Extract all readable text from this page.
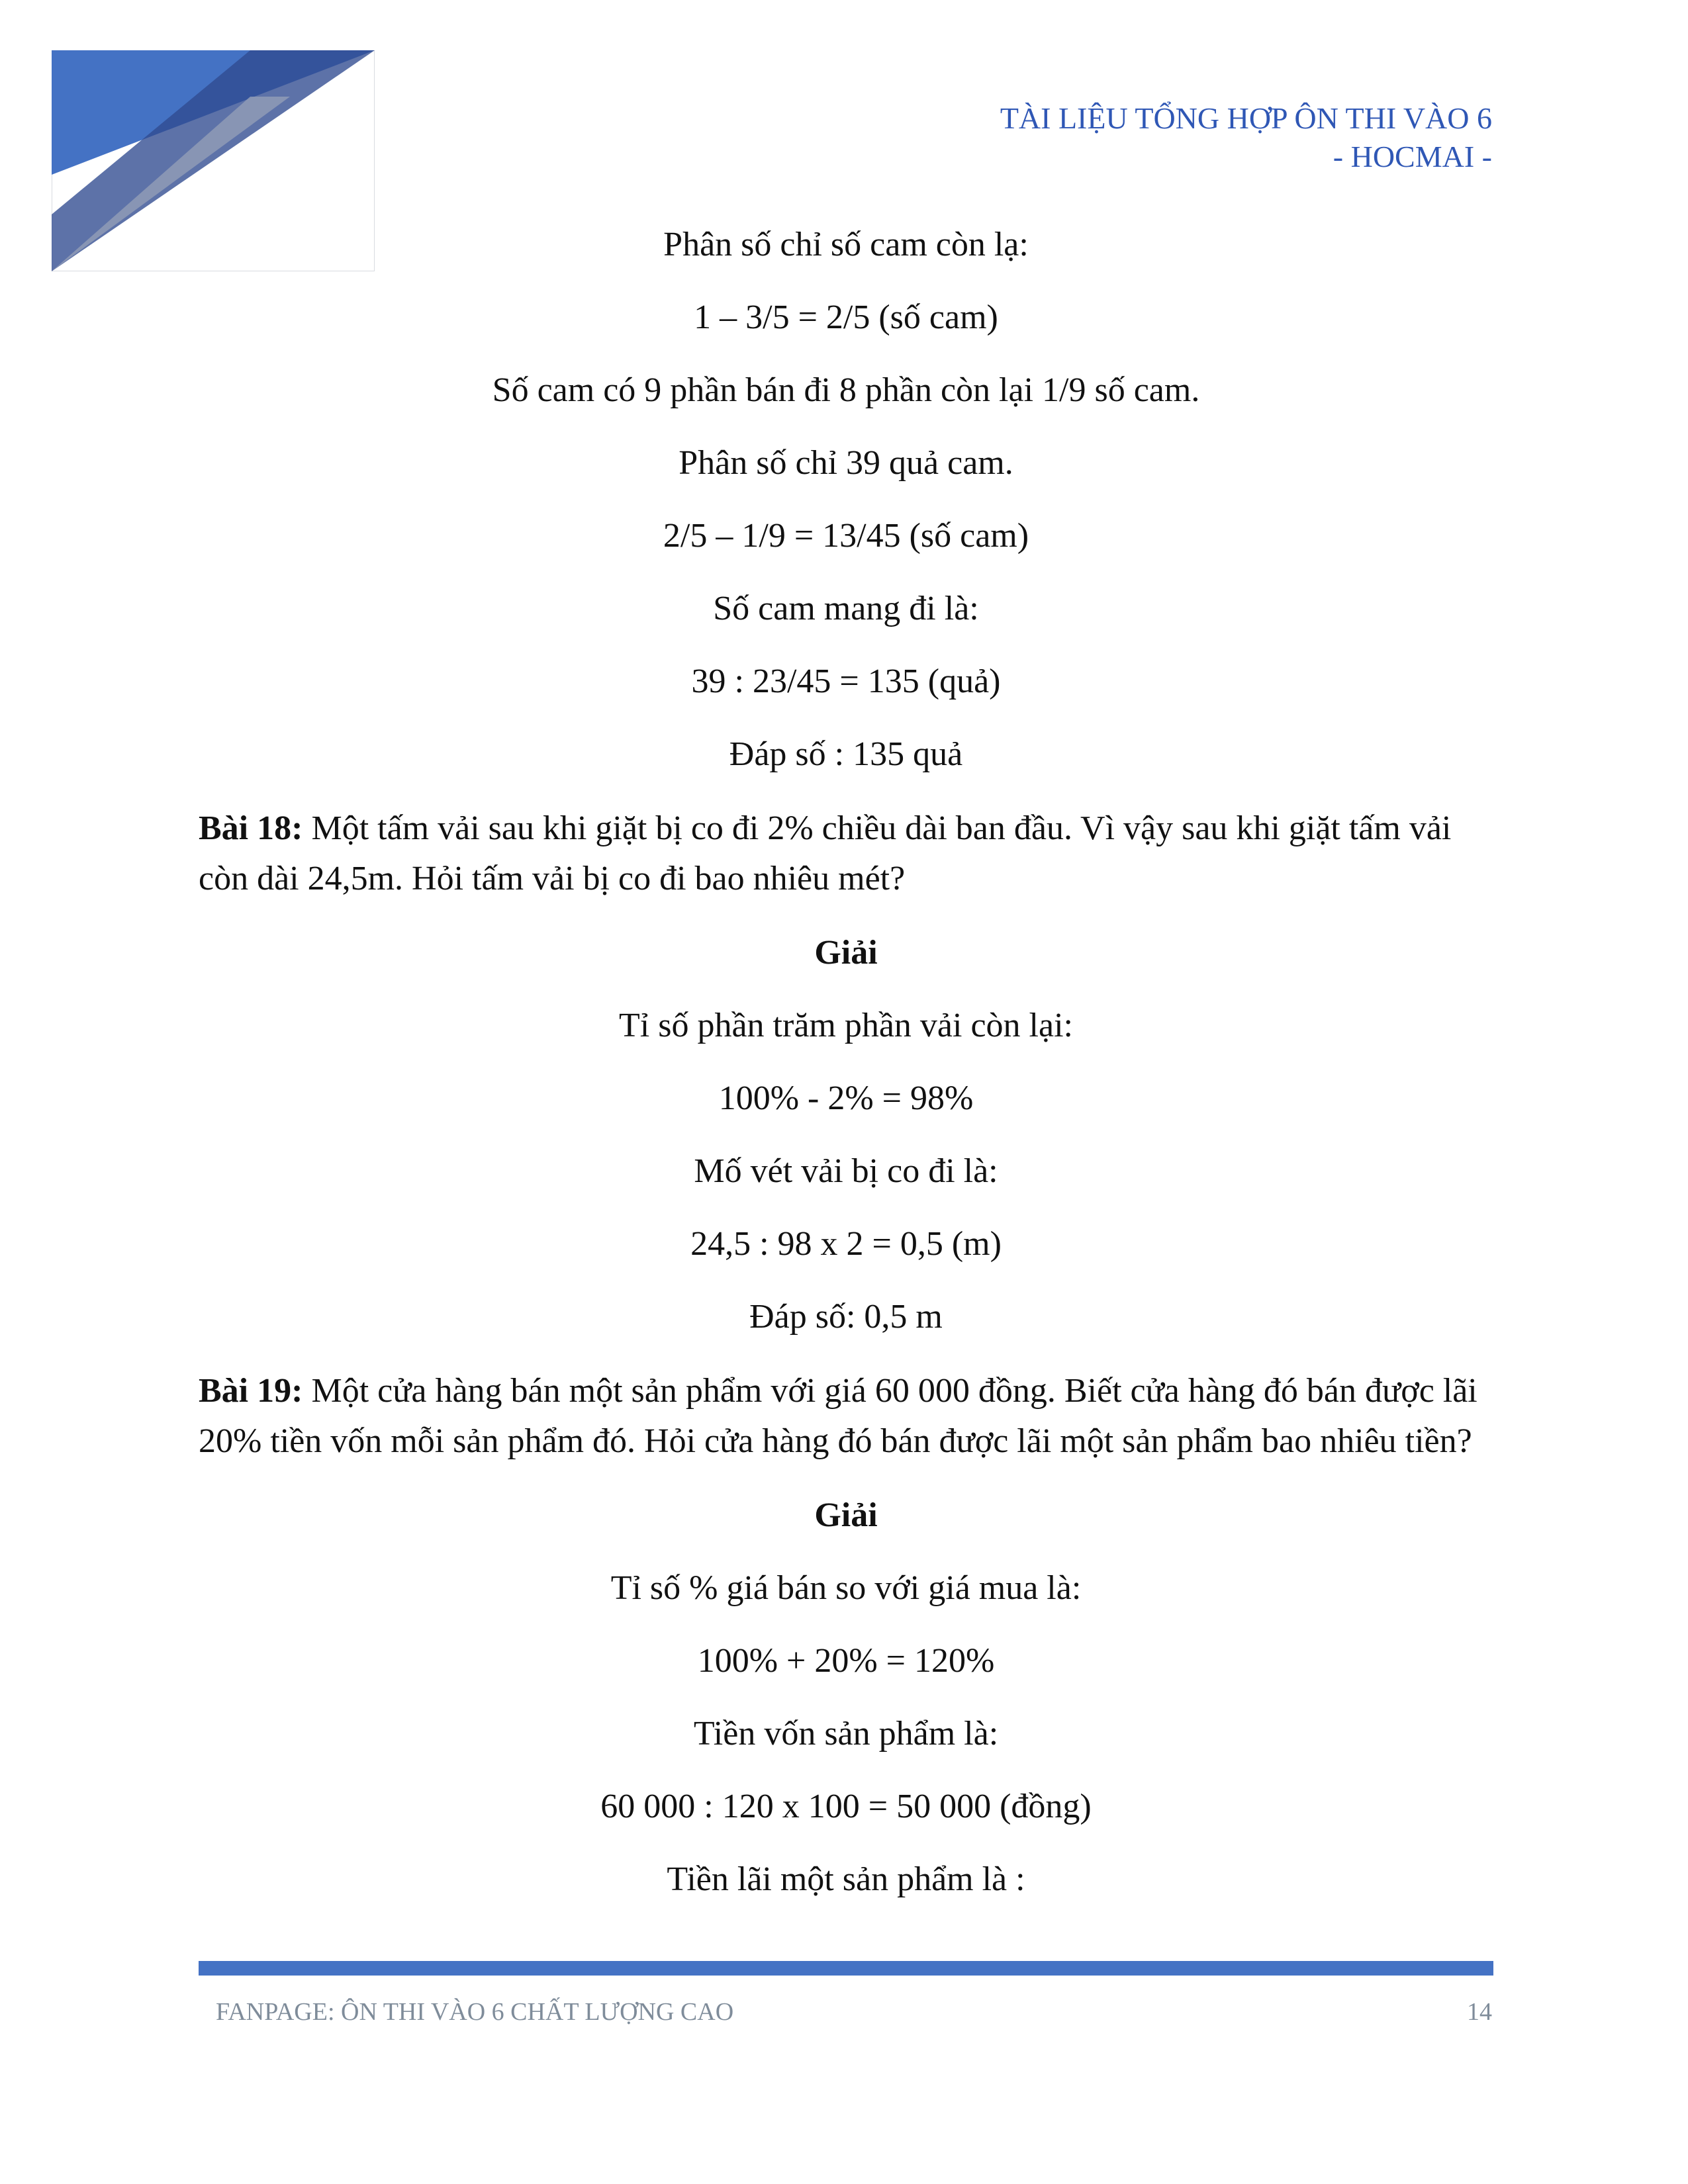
TÀI LIỆU TỔNG HỢP ÔN THI VÀO 6
- HOCMAI -
Phân số chỉ số cam còn lạ:
1 – 3/5 = 2/5 (số cam)
Số cam có 9 phần bán đi 8 phần còn lại 1/9 số cam.
Phân số chỉ 39 quả cam.
2/5 – 1/9 = 13/45 (số cam)
Số cam mang đi là:
39 : 23/45 = 135 (quả)
Đáp số : 135 quả
Bài 18: Một tấm vải sau khi giặt bị co đi 2% chiều dài ban đầu. Vì vậy sau khi giặt tấm vải còn dài 24,5m. Hỏi tấm vải bị co đi bao nhiêu mét?
Giải
Tỉ số phần trăm phần vải còn lại:
100% - 2% = 98%
Mố vét vải bị co đi là:
24,5 : 98 x 2 = 0,5 (m)
Đáp số: 0,5 m
Bài 19: Một cửa hàng bán một sản phẩm với giá 60 000 đồng. Biết cửa hàng đó bán được lãi 20% tiền vốn mỗi sản phẩm đó. Hỏi cửa hàng đó bán được lãi một sản phẩm bao nhiêu tiền?
Giải
Tỉ số % giá bán so với giá mua là:
100% + 20% = 120%
Tiền vốn sản phẩm là:
60 000 : 120 x 100 = 50 000 (đồng)
Tiền lãi một sản phẩm là :
FANPAGE: ÔN THI VÀO 6 CHẤT LƯỢNG CAO	14
